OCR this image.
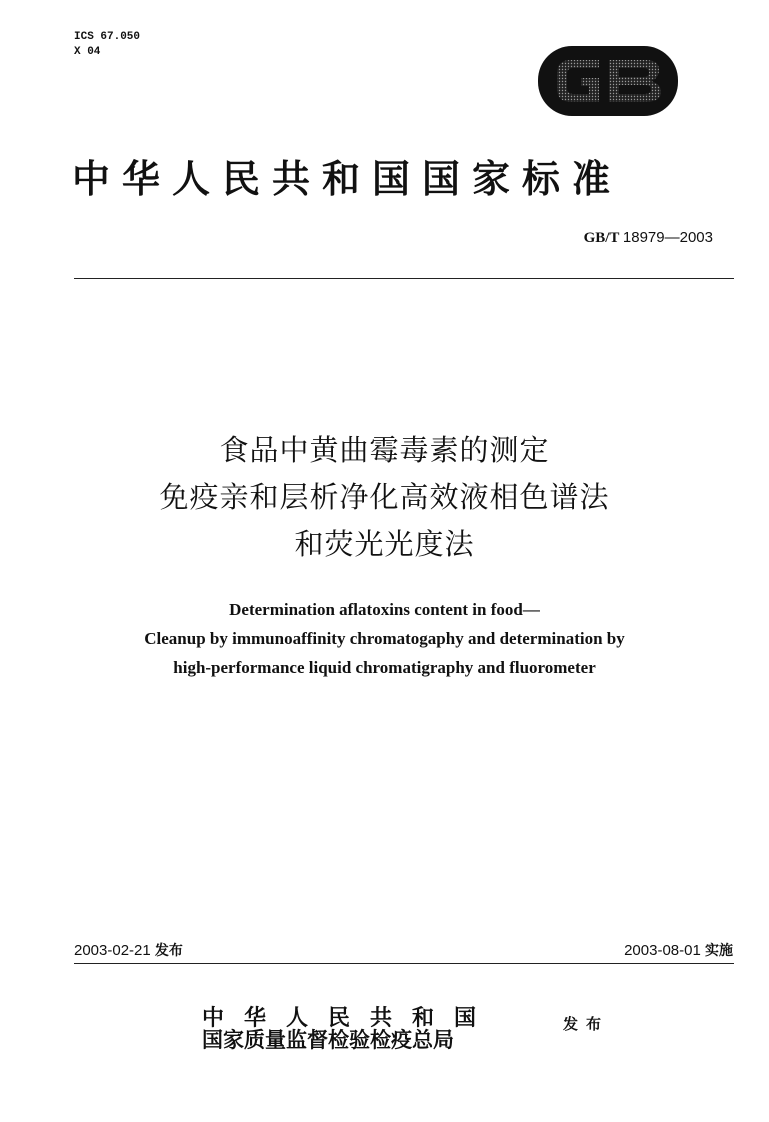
ICS 67.050
X 04
中华人民共和国国家标准
GB/T 18979—2003
食品中黄曲霉毒素的测定
免疫亲和层析净化高效液相色谱法
和荧光光度法
Determination aflatoxins content in food—
Cleanup by immunoaffinity chromatogaphy and determination by
high-performance liquid chromatigraphy and fluorometer
2003-02-21 发布	2003-08-01 实施
中华人民共和国
国家质量监督检验检疫总局
发布
